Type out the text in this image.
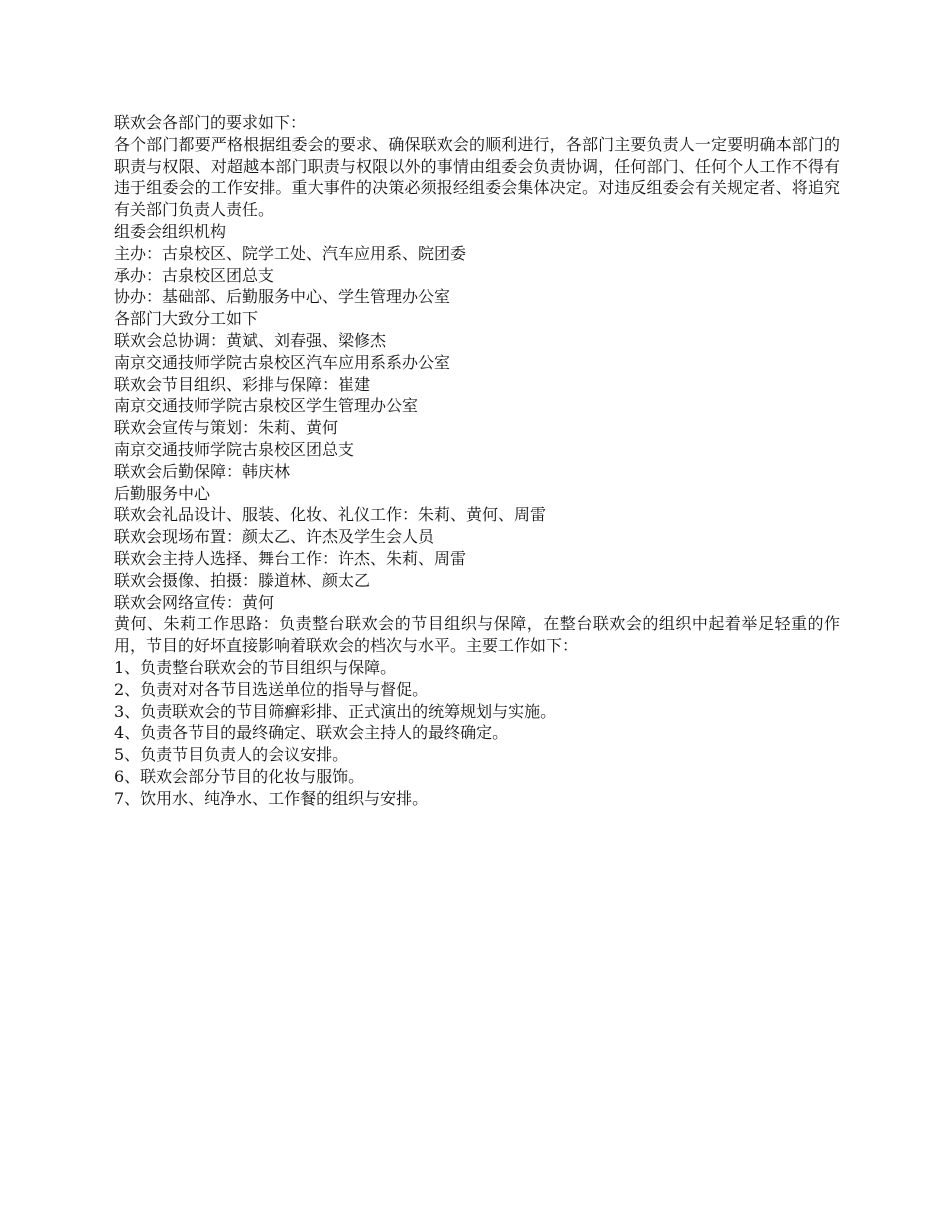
联欢会各部门的要求如下：

各个部门都要严格根据组委会的要求、确保联欢会的顺利进行，各部门主要负责人一定要明确本部门的职责与权限、对超越本部门职责与权限以外的事情由组委会负责协调，任何部门、任何个人工作不得有违于组委会的工作安排。重大事件的决策必须报经组委会集体决定。对违反组委会有关规定者、将追究有关部门负责人责任。

组委会组织机构

主办：古泉校区、院学工处、汽车应用系、院团委

承办：古泉校区团总支

协办：基础部、后勤服务中心、学生管理办公室

各部门大致分工如下

联欢会总协调：黄斌、刘春强、梁修杰

南京交通技师学院古泉校区汽车应用系系办公室

联欢会节目组织、彩排与保障：崔建

南京交通技师学院古泉校区学生管理办公室

联欢会宣传与策划：朱莉、黄何

南京交通技师学院古泉校区团总支

联欢会后勤保障：韩庆林

后勤服务中心

联欢会礼品设计、服装、化妆、礼仪工作：朱莉、黄何、周雷

联欢会现场布置：颜太乙、许杰及学生会人员

联欢会主持人选择、舞台工作：许杰、朱莉、周雷

联欢会摄像、拍摄：滕道林、颜太乙

联欢会网络宣传：黄何

黄何、朱莉工作思路：负责整台联欢会的节目组织与保障，在整台联欢会的组织中起着举足轻重的作用，节目的好坏直接影响着联欢会的档次与水平。主要工作如下：

1、负责整台联欢会的节目组织与保障。

2、负责对对各节目选送单位的指导与督促。

3、负责联欢会的节目筛癣彩排、正式演出的统筹规划与实施。

4、负责各节目的最终确定、联欢会主持人的最终确定。

5、负责节目负责人的会议安排。

6、联欢会部分节目的化妆与服饰。

7、饮用水、纯净水、工作餐的组织与安排。
